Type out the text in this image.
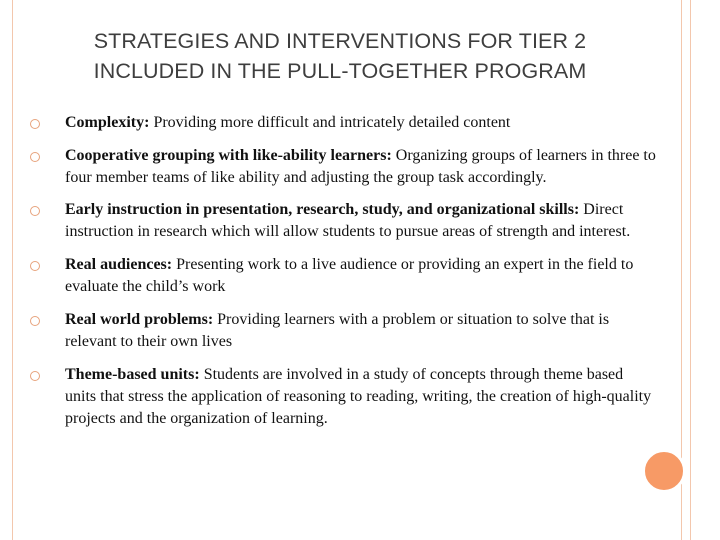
STRATEGIES AND INTERVENTIONS FOR TIER 2
INCLUDED IN THE PULL-TOGETHER PROGRAM
Complexity: Providing more difficult and intricately detailed content
Cooperative grouping with like-ability learners: Organizing groups of learners in three to four member teams of like ability and adjusting the group task accordingly.
Early instruction in presentation, research, study, and organizational skills: Direct instruction in research which will allow students to pursue areas of strength and interest.
Real audiences: Presenting work to a live audience or providing an expert in the field to evaluate the child’s work
Real world problems: Providing learners with a problem or situation to solve that is relevant to their own lives
Theme-based units: Students are involved in a study of concepts through theme based units that stress the application of reasoning to reading, writing, the creation of high-quality projects and the organization of learning.
